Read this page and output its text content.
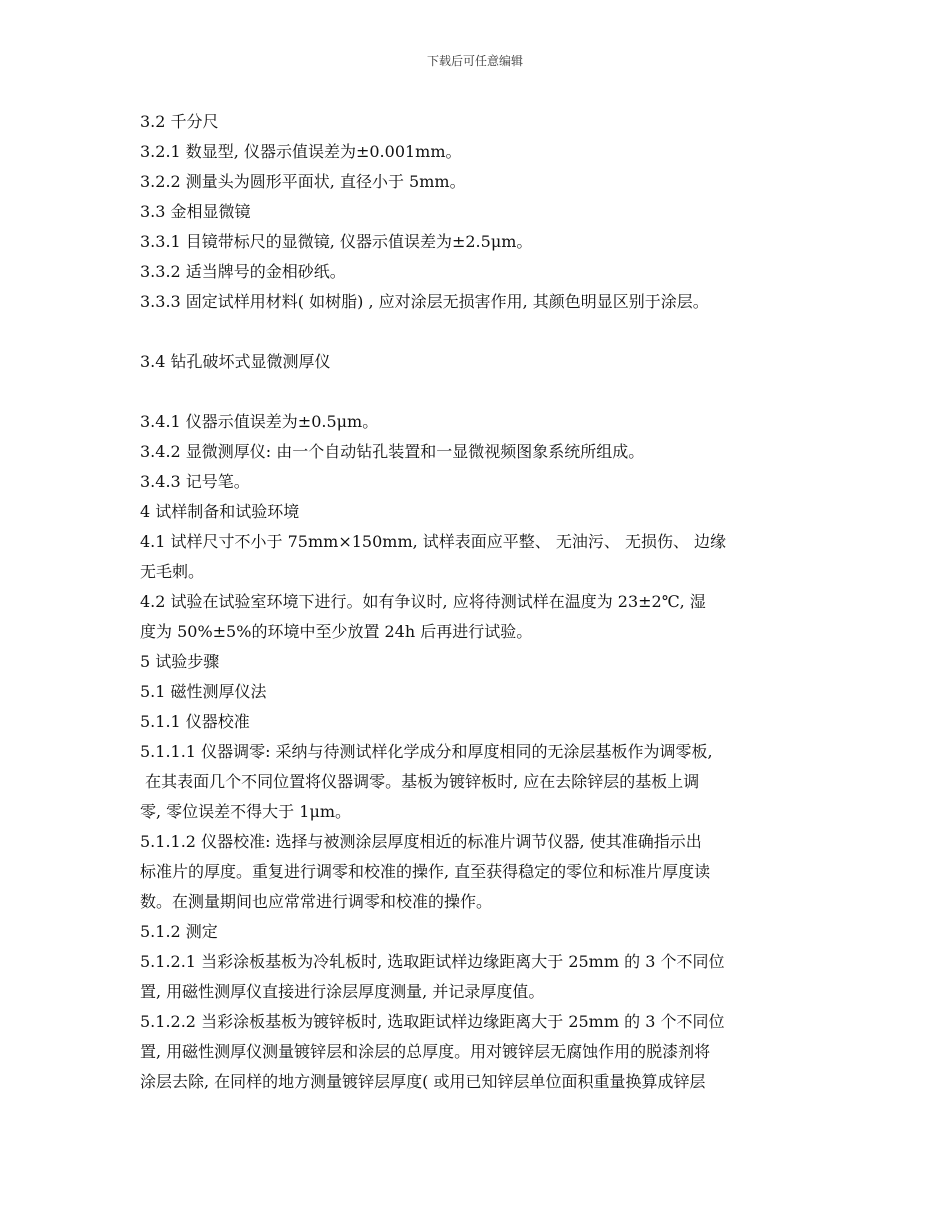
下载后可任意编辑
3.2 千分尺
3.2.1 数显型, 仪器示值误差为±0.001mm。
3.2.2 测量头为圆形平面状, 直径小于 5mm。
3.3 金相显微镜
3.3.1 目镜带标尺的显微镜, 仪器示值误差为±2.5μm。
3.3.2 适当牌号的金相砂纸。
3.3.3 固定试样用材料( 如树脂) , 应对涂层无损害作用, 其颜色明显区别于涂层。
3.4 钻孔破坏式显微测厚仪
3.4.1 仪器示值误差为±0.5μm。
3.4.2 显微测厚仪: 由一个自动钻孔装置和一显微视频图象系统所组成。
3.4.3 记号笔。
4 试样制备和试验环境
4.1 试样尺寸不小于 75mm×150mm, 试样表面应平整、 无油污、 无损伤、 边缘
无毛刺。
4.2 试验在试验室环境下进行。如有争议时, 应将待测试样在温度为 23±2℃, 湿
度为 50%±5%的环境中至少放置 24h 后再进行试验。
5 试验步骤
5.1 磁性测厚仪法
5.1.1 仪器校准
5.1.1.1 仪器调零: 采纳与待测试样化学成分和厚度相同的无涂层基板作为调零板,
在其表面几个不同位置将仪器调零。基板为镀锌板时, 应在去除锌层的基板上调
零, 零位误差不得大于 1μm。
5.1.1.2 仪器校准: 选择与被测涂层厚度相近的标准片调节仪器, 使其准确指示出
标准片的厚度。重复进行调零和校准的操作, 直至获得稳定的零位和标准片厚度读
数。在测量期间也应常常进行调零和校准的操作。
5.1.2 测定
5.1.2.1 当彩涂板基板为冷轧板时, 选取距试样边缘距离大于 25mm 的 3 个不同位
置, 用磁性测厚仪直接进行涂层厚度测量, 并记录厚度值。
5.1.2.2 当彩涂板基板为镀锌板时, 选取距试样边缘距离大于 25mm 的 3 个不同位
置, 用磁性测厚仪测量镀锌层和涂层的总厚度。用对镀锌层无腐蚀作用的脱漆剂将
涂层去除, 在同样的地方测量镀锌层厚度( 或用已知锌层单位面积重量换算成锌层
